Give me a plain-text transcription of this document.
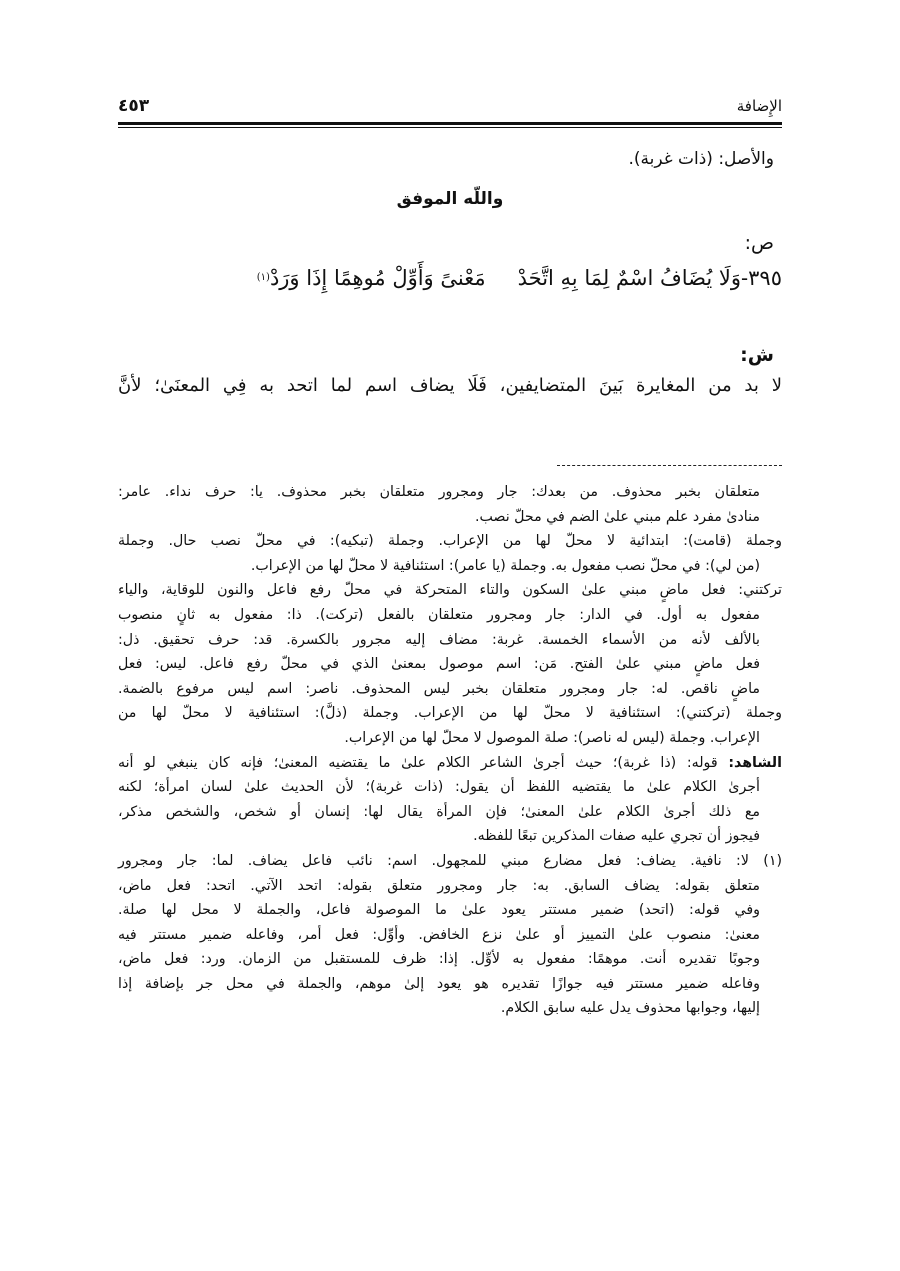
الإِضافة
٤٥٣
والأصل: (ذات غربة).
واللّه الموفق
ص:
٣٩٥-
وَلَا يُضَافُ اسْمٌ لِمَا بِهِ اتَّحَدْ
مَعْنىً وَأَوِّلْ مُوهِمًا إِذَا وَرَدْ
(١)
ش:
لا بد من المغايرة بَينَ المتضايفين، فَلَا يضاف اسم لما اتحد به فِي المعنَىٰ؛ لأنَّ
متعلقان بخبر محذوف. من بعدك: جار ومجرور متعلقان بخبر محذوف. يا: حرف نداء. عامر:
منادىٰ مفرد علم مبني علىٰ الضم في محلّ نصب.
وجملة (قامت): ابتدائية لا محلّ لها من الإعراب. وجملة (تبكيه): في محلّ نصب حال. وجملة
(من لي): في محلّ نصب مفعول به. وجملة (يا عامر): استئنافية لا محلّ لها من الإعراب.
تركتني: فعل ماضٍ مبني علىٰ السكون والتاء المتحركة في محلّ رفع فاعل والنون للوقاية، والياء
مفعول به أول. في الدار: جار ومجرور متعلقان بالفعل (تركت). ذا: مفعول به ثانٍ منصوب
بالألف لأنه من الأسماء الخمسة. غربة: مضاف إليه مجرور بالكسرة. قد: حرف تحقيق. ذل:
فعل ماضٍ مبني علىٰ الفتح. مَن: اسم موصول بمعنىٰ الذي في محلّ رفع فاعل. ليس: فعل
ماضٍ ناقص. له: جار ومجرور متعلقان بخبر ليس المحذوف. ناصر: اسم ليس مرفوع بالضمة.
وجملة (تركتني): استئنافية لا محلّ لها من الإعراب. وجملة (ذلَّ): استئنافية لا محلّ لها من
الإعراب. وجملة (ليس له ناصر): صلة الموصول لا محلّ لها من الإعراب.
الشاهد: قوله: (ذا غربة)؛ حيث أجرىٰ الشاعر الكلام علىٰ ما يقتضيه المعنىٰ؛ فإنه كان ينبغي لو أنه
أجرىٰ الكلام علىٰ ما يقتضيه اللفظ أن يقول: (ذات غربة)؛ لأن الحديث علىٰ لسان امرأة؛ لكنه
مع ذلك أجرىٰ الكلام علىٰ المعنىٰ؛ فإن المرأة يقال لها: إنسان أو شخص، والشخص مذكر،
فيجوز أن تجري عليه صفات المذكرين تبعًا للفظه.
(١) لا: نافية. يضاف: فعل مضارع مبني للمجهول. اسم: نائب فاعل يضاف. لما: جار ومجرور
متعلق بقوله: يضاف السابق. به: جار ومجرور متعلق بقوله: اتحد الآتي. اتحد: فعل ماض،
وفي قوله: (اتحد) ضمير مستتر يعود علىٰ ما الموصولة فاعل، والجملة لا محل لها صلة.
معنىٰ: منصوب علىٰ التمييز أو علىٰ نزع الخافض. وأوِّل: فعل أمر، وفاعله ضمير مستتر فيه
وجوبًا تقديره أنت. موهمًا: مفعول به لأوِّل. إذا: ظرف للمستقبل من الزمان. ورد: فعل ماض،
وفاعله ضمير مستتر فيه جوازًا تقديره هو يعود إلىٰ موهم، والجملة في محل جر بإضافة إذا
إليها، وجوابها محذوف يدل عليه سابق الكلام.
